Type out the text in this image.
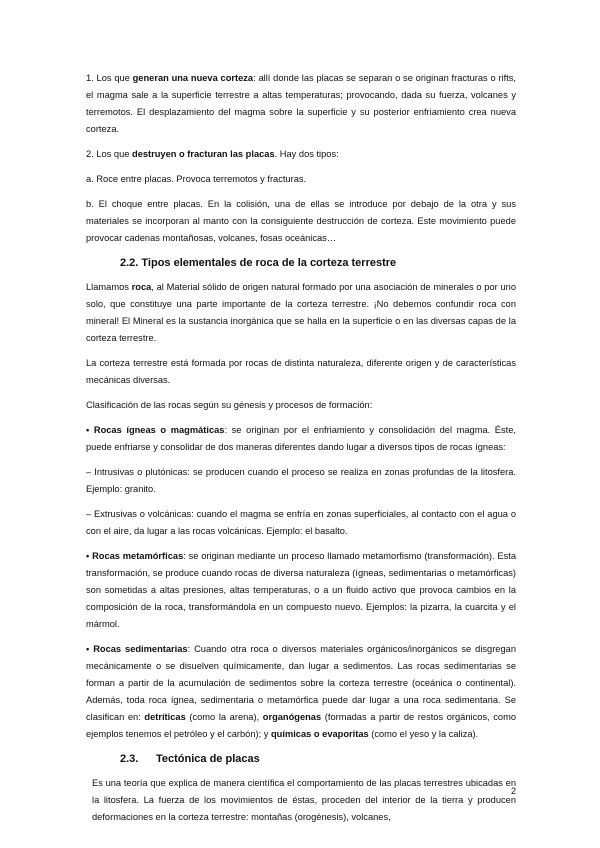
1. Los que generan una nueva corteza: allí donde las placas se separan o se originan fracturas o rifts, el magma sale a la superficie terrestre a altas temperaturas; provocando, dada su fuerza, volcanes y terremotos. El desplazamiento del magma sobre la superficie y su posterior enfriamiento crea nueva corteza.

2. Los que destruyen o fracturan las placas. Hay dos tipos:

a. Roce entre placas. Provoca terremotos y fracturas.

b. El choque entre placas. En la colisión, una de ellas se introduce por debajo de la otra y sus materiales se incorporan al manto con la consiguiente destrucción de corteza. Este movimiento puede provocar cadenas montañosas, volcanes, fosas oceánicas…

2.2. Tipos elementales de roca de la corteza terrestre

Llamamos roca, al Material sólido de origen natural formado por una asociación de minerales o por uno solo, que constituye una parte importante de la corteza terrestre. ¡No debemos confundir roca con mineral! El Mineral es la sustancia inorgánica que se halla en la superficie o en las diversas capas de la corteza terrestre.

La corteza terrestre está formada por rocas de distinta naturaleza, diferente origen y de características mecánicas diversas.

Clasificación de las rocas según su génesis y procesos de formación:

• Rocas ígneas o magmáticas: se originan por el enfriamiento y consolidación del magma. Éste, puede enfriarse y consolidar de dos maneras diferentes dando lugar a diversos tipos de rocas ígneas:

– Intrusivas o plutónicas: se producen cuando el proceso se realiza en zonas profundas de la litosfera. Ejemplo: granito.

– Extrusivas o volcánicas: cuando el magma se enfría en zonas superficiales, al contacto con el agua o con el aire, da lugar a las rocas volcánicas. Ejemplo: el basalto.

• Rocas metamórficas: se originan mediante un proceso llamado metamorfismo (transformación). Esta transformación, se produce cuando rocas de diversa naturaleza (ígneas, sedimentarias o metamórficas) son sometidas a altas presiones, altas temperaturas, o a un fluido activo que provoca cambios en la composición de la roca, transformándola en un compuesto nuevo. Ejemplos: la pizarra, la cuarcita y el mármol.

• Rocas sedimentarias: Cuando otra roca o diversos materiales orgánicos/inorgánicos se disgregan mecánicamente o se disuelven químicamente, dan lugar a sedimentos. Las rocas sedimentarias se forman a partir de la acumulación de sedimentos sobre la corteza terrestre (oceánica o continental). Además, toda roca ígnea, sedimentaria o metamórfica puede dar lugar a una roca sedimentaria. Se clasifican en: detríticas (como la arena), organógenas (formadas a partir de restos orgánicos, como ejemplos tenemos el petróleo y el carbón); y químicas o evaporitas (como el yeso y la caliza).

2.3. Tectónica de placas

Es una teoría que explica de manera científica el comportamiento de las placas terrestres ubicadas en la litosfera. La fuerza de los movimientos de éstas, proceden del interior de la tierra y producen deformaciones en la corteza terrestre: montañas (orogénesis), volcanes,

2
